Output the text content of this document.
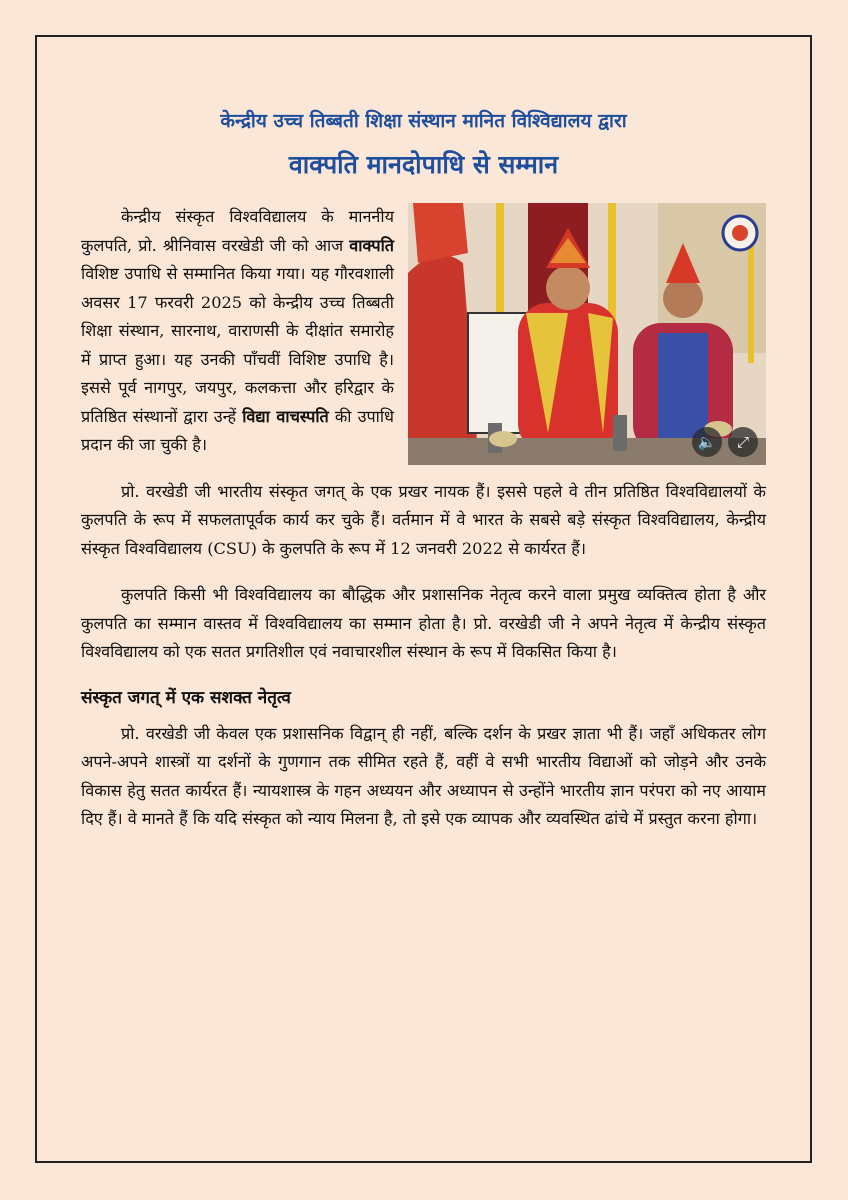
केन्द्रीय उच्च तिब्बती शिक्षा संस्थान मानित विश्विद्यालय द्वारा
वाक्पति मानदोपाधि से सम्मान
🔈	⤢

केन्द्रीय संस्कृत विश्वविद्यालय के माननीय कुलपति, प्रो. श्रीनिवास वरखेडी जी को आज वाक्पति विशिष्ट उपाधि से सम्मानित किया गया। यह गौरवशाली अवसर 17 फरवरी 2025 को केन्द्रीय उच्च तिब्बती शिक्षा संस्थान, सारनाथ, वाराणसी के दीक्षांत समारोह में प्राप्त हुआ। यह उनकी पाँचवीं विशिष्ट उपाधि है। इससे पूर्व नागपुर, जयपुर, कलकत्ता और हरिद्वार के प्रतिष्ठित संस्थानों द्वारा उन्हें विद्या वाचस्पति की उपाधि प्रदान की जा चुकी है।

प्रो. वरखेडी जी भारतीय संस्कृत जगत् के एक प्रखर नायक हैं। इससे पहले वे तीन प्रतिष्ठित विश्वविद्यालयों के कुलपति के रूप में सफलतापूर्वक कार्य कर चुके हैं। वर्तमान में वे भारत के सबसे बड़े संस्कृत विश्वविद्यालय, केन्द्रीय संस्कृत विश्वविद्यालय (CSU) के कुलपति के रूप में 12 जनवरी 2022 से कार्यरत हैं।

कुलपति किसी भी विश्वविद्यालय का बौद्धिक और प्रशासनिक नेतृत्व करने वाला प्रमुख व्यक्तित्व होता है और कुलपति का सम्मान वास्तव में विश्वविद्यालय का सम्मान होता है। प्रो. वरखेडी जी ने अपने नेतृत्व में केन्द्रीय संस्कृत विश्वविद्यालय को एक सतत प्रगतिशील एवं नवाचारशील संस्थान के रूप में विकसित किया है।

संस्कृत जगत् में एक सशक्त नेतृत्व

प्रो. वरखेडी जी केवल एक प्रशासनिक विद्वान् ही नहीं, बल्कि दर्शन के प्रखर ज्ञाता भी हैं। जहाँ अधिकतर लोग अपने-अपने शास्त्रों या दर्शनों के गुणगान तक सीमित रहते हैं, वहीं वे सभी भारतीय विद्याओं को जोड़ने और उनके विकास हेतु सतत कार्यरत हैं। न्यायशास्त्र के गहन अध्ययन और अध्यापन से उन्होंने भारतीय ज्ञान परंपरा को नए आयाम दिए हैं। वे मानते हैं कि यदि संस्कृत को न्याय मिलना है, तो इसे एक व्यापक और व्यवस्थित ढांचे में प्रस्तुत करना होगा।
